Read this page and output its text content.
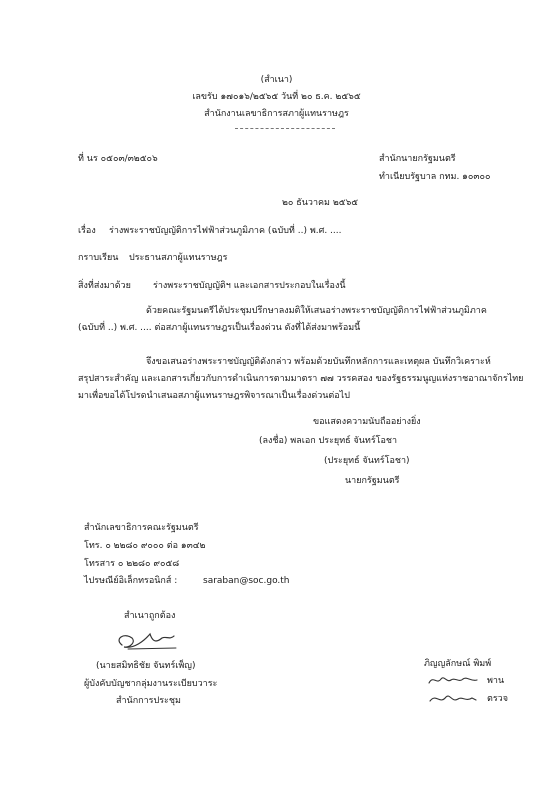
(สำเนา)
เลขรับ ๑๗๐๑๖/๒๕๖๕ วันที่ ๒๐ ธ.ค. ๒๕๖๕
สำนักงานเลขาธิการสภาผู้แทนราษฎร
ที่ นร ๐๕๐๓/๓๒๕๐๖	สำนักนายกรัฐมนตรี
ทำเนียบรัฐบาล กทม. ๑๐๓๐๐
๒๐ ธันวาคม ๒๕๖๕
เรื่อง ร่างพระราชบัญญัติการไฟฟ้าส่วนภูมิภาค (ฉบับที่ ..) พ.ศ. ....
กราบเรียน ประธานสภาผู้แทนราษฎร
สิ่งที่ส่งมาด้วย ร่างพระราชบัญญัติฯ และเอกสารประกอบในเรื่องนี้
ด้วยคณะรัฐมนตรีได้ประชุมปรึกษาลงมติให้เสนอร่างพระราชบัญญัติการไฟฟ้าส่วนภูมิภาค
(ฉบับที่ ..) พ.ศ. .... ต่อสภาผู้แทนราษฎรเป็นเรื่องด่วน ดังที่ได้ส่งมาพร้อมนี้
จึงขอเสนอร่างพระราชบัญญัติดังกล่าว พร้อมด้วยบันทึกหลักการและเหตุผล บันทึกวิเคราะห์
สรุปสาระสำคัญ และเอกสารเกี่ยวกับการดำเนินการตามมาตรา ๗๗ วรรคสอง ของรัฐธรรมนูญแห่งราชอาณาจักรไทย
มาเพื่อขอได้โปรดนำเสนอสภาผู้แทนราษฎรพิจารณาเป็นเรื่องด่วนต่อไป
ขอแสดงความนับถืออย่างยิ่ง
(ลงชื่อ) พลเอก ประยุทธ์ จันทร์โอชา
(ประยุทธ์ จันทร์โอชา)
นายกรัฐมนตรี
สำนักเลขาธิการคณะรัฐมนตรี
โทร. ๐ ๒๒๘๐ ๙๐๐๐ ต่อ ๑๓๔๒
โทรสาร ๐ ๒๒๘๐ ๙๐๕๘
ไปรษณีย์อิเล็กทรอนิกส์ :	saraban@soc.go.th
สำเนาถูกต้อง
(นายสมิทธิชัย จันทร์เพ็ญ)
ผู้บังคับบัญชากลุ่มงานระเบียบวาระ
สำนักการประชุม
ภิญญลักษณ์ พิมพ์
พาน
ตรวจ
